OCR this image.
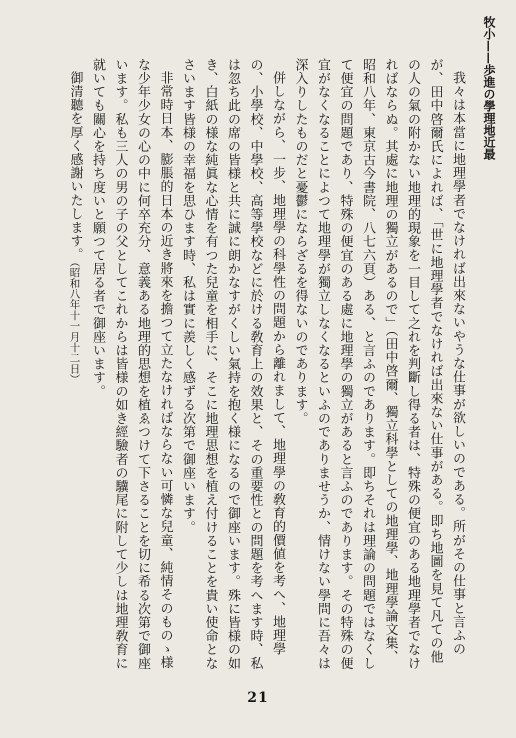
牧小——歩進の學理地近最

我々は本當に地理學者でなければ出來ないやうな仕事が欲しいのである。所がその仕事と言ふのが、田中啓爾氏によれば、「世に地理學者でなければ出來ない仕事がある。即ち地圖を見て凡ての他の人の氣の附かない地理的現象を一目して之れを判斷し得る者は、特殊の便宜のある地理學者でなければならぬ。其處に地理の獨立があるので」（田中啓爾、獨立科學としての地理學、地理學論文集、昭和八年、東京古今書院、八七六頁）ある、と言ふのであります。即ちそれは理論の問題ではなくして便宜の問題であり、特殊の便宜のある處に地理學の獨立があると言ふのであります。その特殊の便宜がなくなることによつて地理學が獨立しなくなるといふのでありませうか、情けない學問に吾々は深入りしたものだと憂鬱にならざるを得ないのであります。

併しながら、一步、地理學の科學性の問題から離れまして、地理學の敎育的價値を考へ、地理學の、小學校、中學校、高等學校などに於ける敎育上の效果と、その重要性との問題を考へます時、私は忽ち此の席の皆様と共に誠に朗かなすがくしい氣持を抱く様になるので御座います。殊に皆様の如き、白紙の様な純眞な心情を有つた兒童を相手に、そこに地理思想を植え付けることを貴い使命となさいます皆様の幸福を思ひます時、私は實に羨しく感ずる次第で御座います。

非常時日本、膨脹的日本の近き將來を擔つて立たなければならない可憐な兒童、純情そのものゝ様な少年少女の心の中に何卒充分、意義ある地理的思想を植ゑつけて下さることを切に希る次第で御座います。私も三人の男の子の父としてこれからは皆様の如き經驗者の驥尾に附して少しは地理敎育に就いても關心を持ち度いと願つて居る者で御座います。

御清聽を厚く感謝いたします。（昭和八年十一月十二日）

21
